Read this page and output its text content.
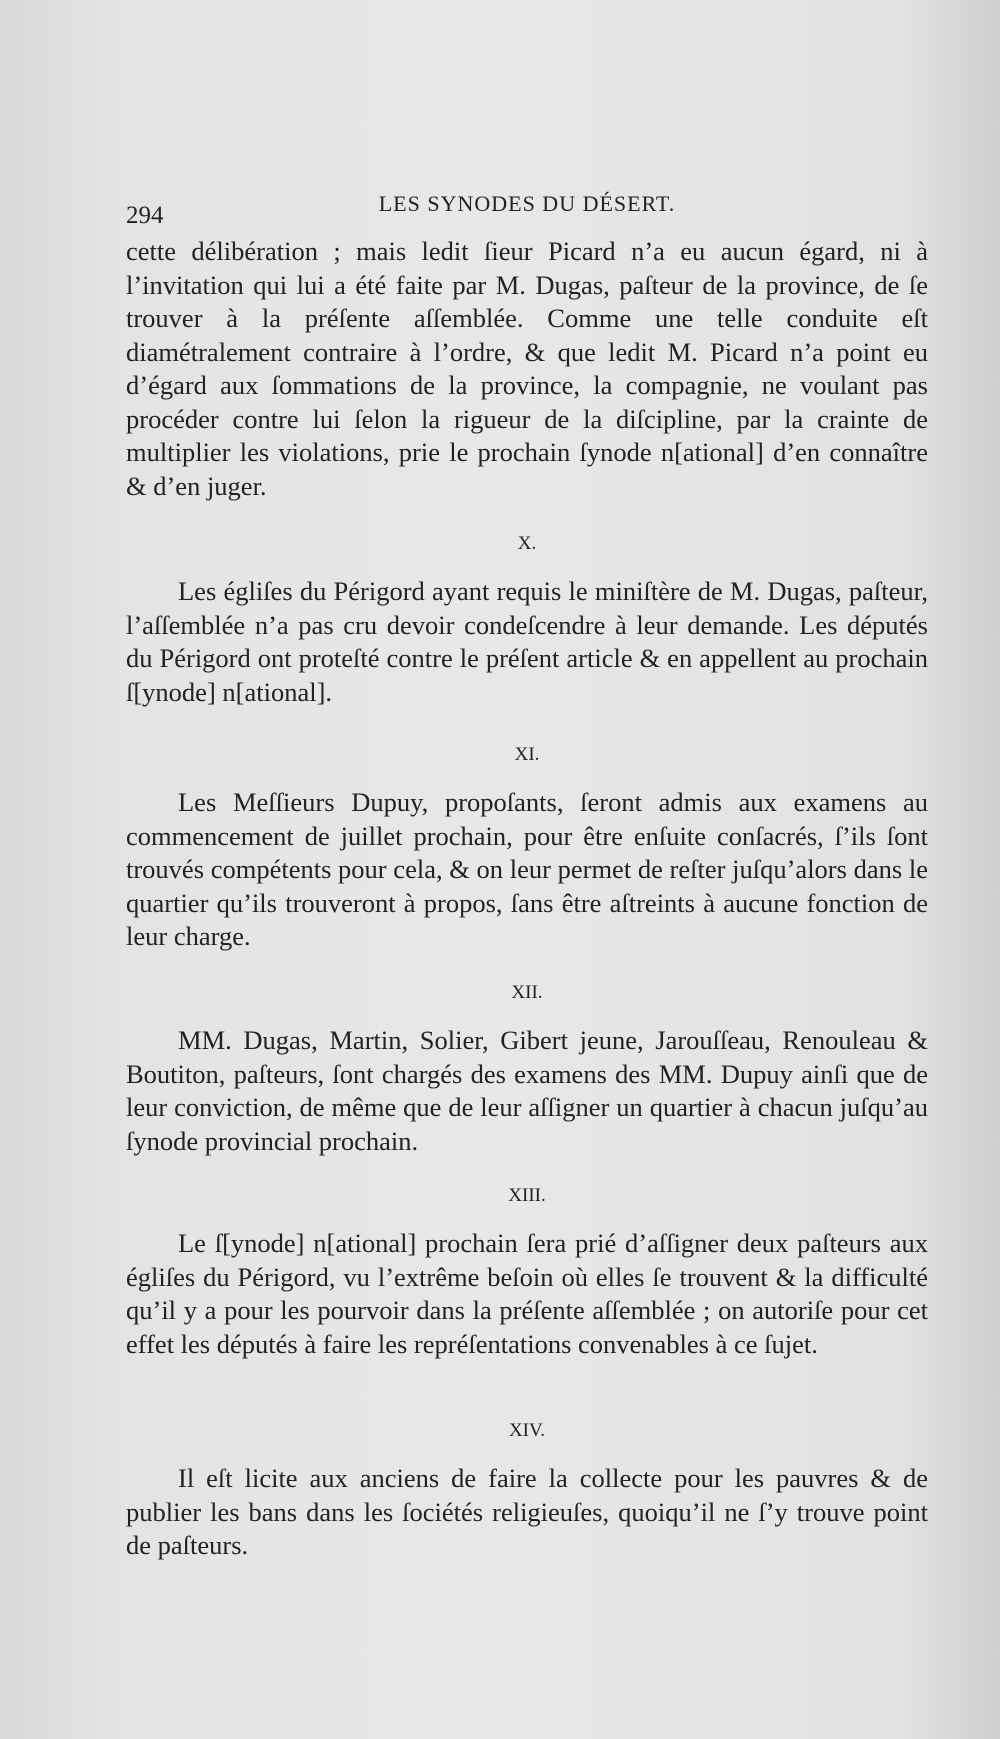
294	LES SYNODES DU DÉSERT.

cette délibération ; mais ledit ſieur Picard n’a eu aucun égard, ni à l’invitation qui lui a été faite par M. Dugas, paſteur de la province, de ſe trouver à la préſente aſſemblée. Comme une telle conduite eſt diamétralement contraire à l’ordre, & que ledit M. Picard n’a point eu d’égard aux ſommations de la province, la compagnie, ne voulant pas procéder contre lui ſelon la rigueur de la diſcipline, par la crainte de multiplier les violations, prie le prochain ſynode n[ational] d’en connaître & d’en juger.

X.

Les égliſes du Périgord ayant requis le miniſtère de M. Dugas, paſteur, l’aſſemblée n’a pas cru devoir condeſcendre à leur demande. Les députés du Périgord ont proteſté contre le préſent article & en appellent au prochain ſ[ynode] n[ational].

XI.

Les Meſſieurs Dupuy, propoſants, ſeront admis aux examens au commencement de juillet prochain, pour être enſuite conſacrés, ſ’ils ſont trouvés compétents pour cela, & on leur permet de reſter juſqu’alors dans le quartier qu’ils trouveront à propos, ſans être aſtreints à aucune fonction de leur charge.

XII.

MM. Dugas, Martin, Solier, Gibert jeune, Jarouſſeau, Renouleau & Boutiton, paſteurs, ſont chargés des examens des MM. Dupuy ainſi que de leur conviction, de même que de leur aſſigner un quartier à chacun juſqu’au ſynode provincial prochain.

XIII.

Le ſ[ynode] n[ational] prochain ſera prié d’aſſigner deux paſteurs aux égliſes du Périgord, vu l’extrême beſoin où elles ſe trouvent & la difficulté qu’il y a pour les pourvoir dans la préſente aſſemblée ; on autoriſe pour cet effet les députés à faire les repréſentations convenables à ce ſujet.

XIV.

Il eſt licite aux anciens de faire la collecte pour les pauvres & de publier les bans dans les ſociétés religieuſes, quoiqu’il ne ſ’y trouve point de paſteurs.
